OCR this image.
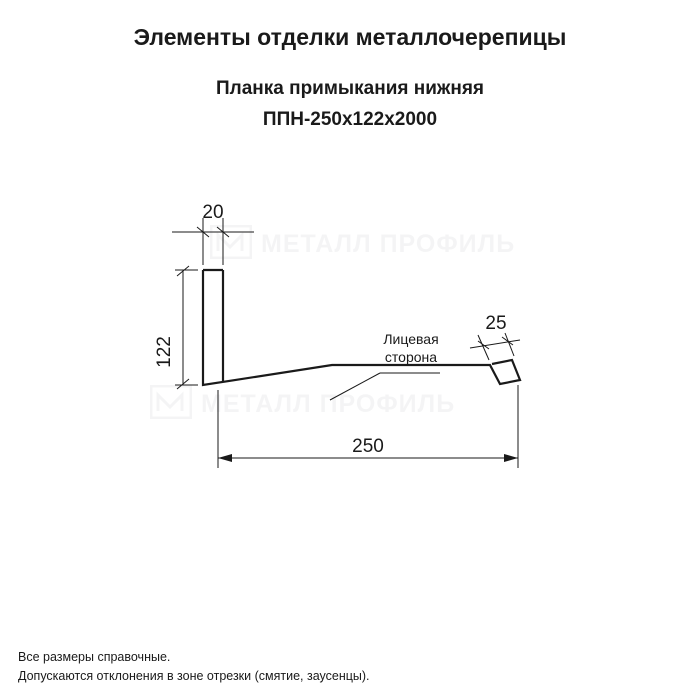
МЕТАЛЛ ПРОФИЛЬ
МЕТАЛЛ ПРОФИЛЬ
Элементы отделки металлочерепицы
Планка примыкания нижняя
ППН-250х122х2000
20
122
250
25
Лицевая
сторона
Все размеры справочные.
Допускаются отклонения в зоне отрезки (смятие, заусенцы).
